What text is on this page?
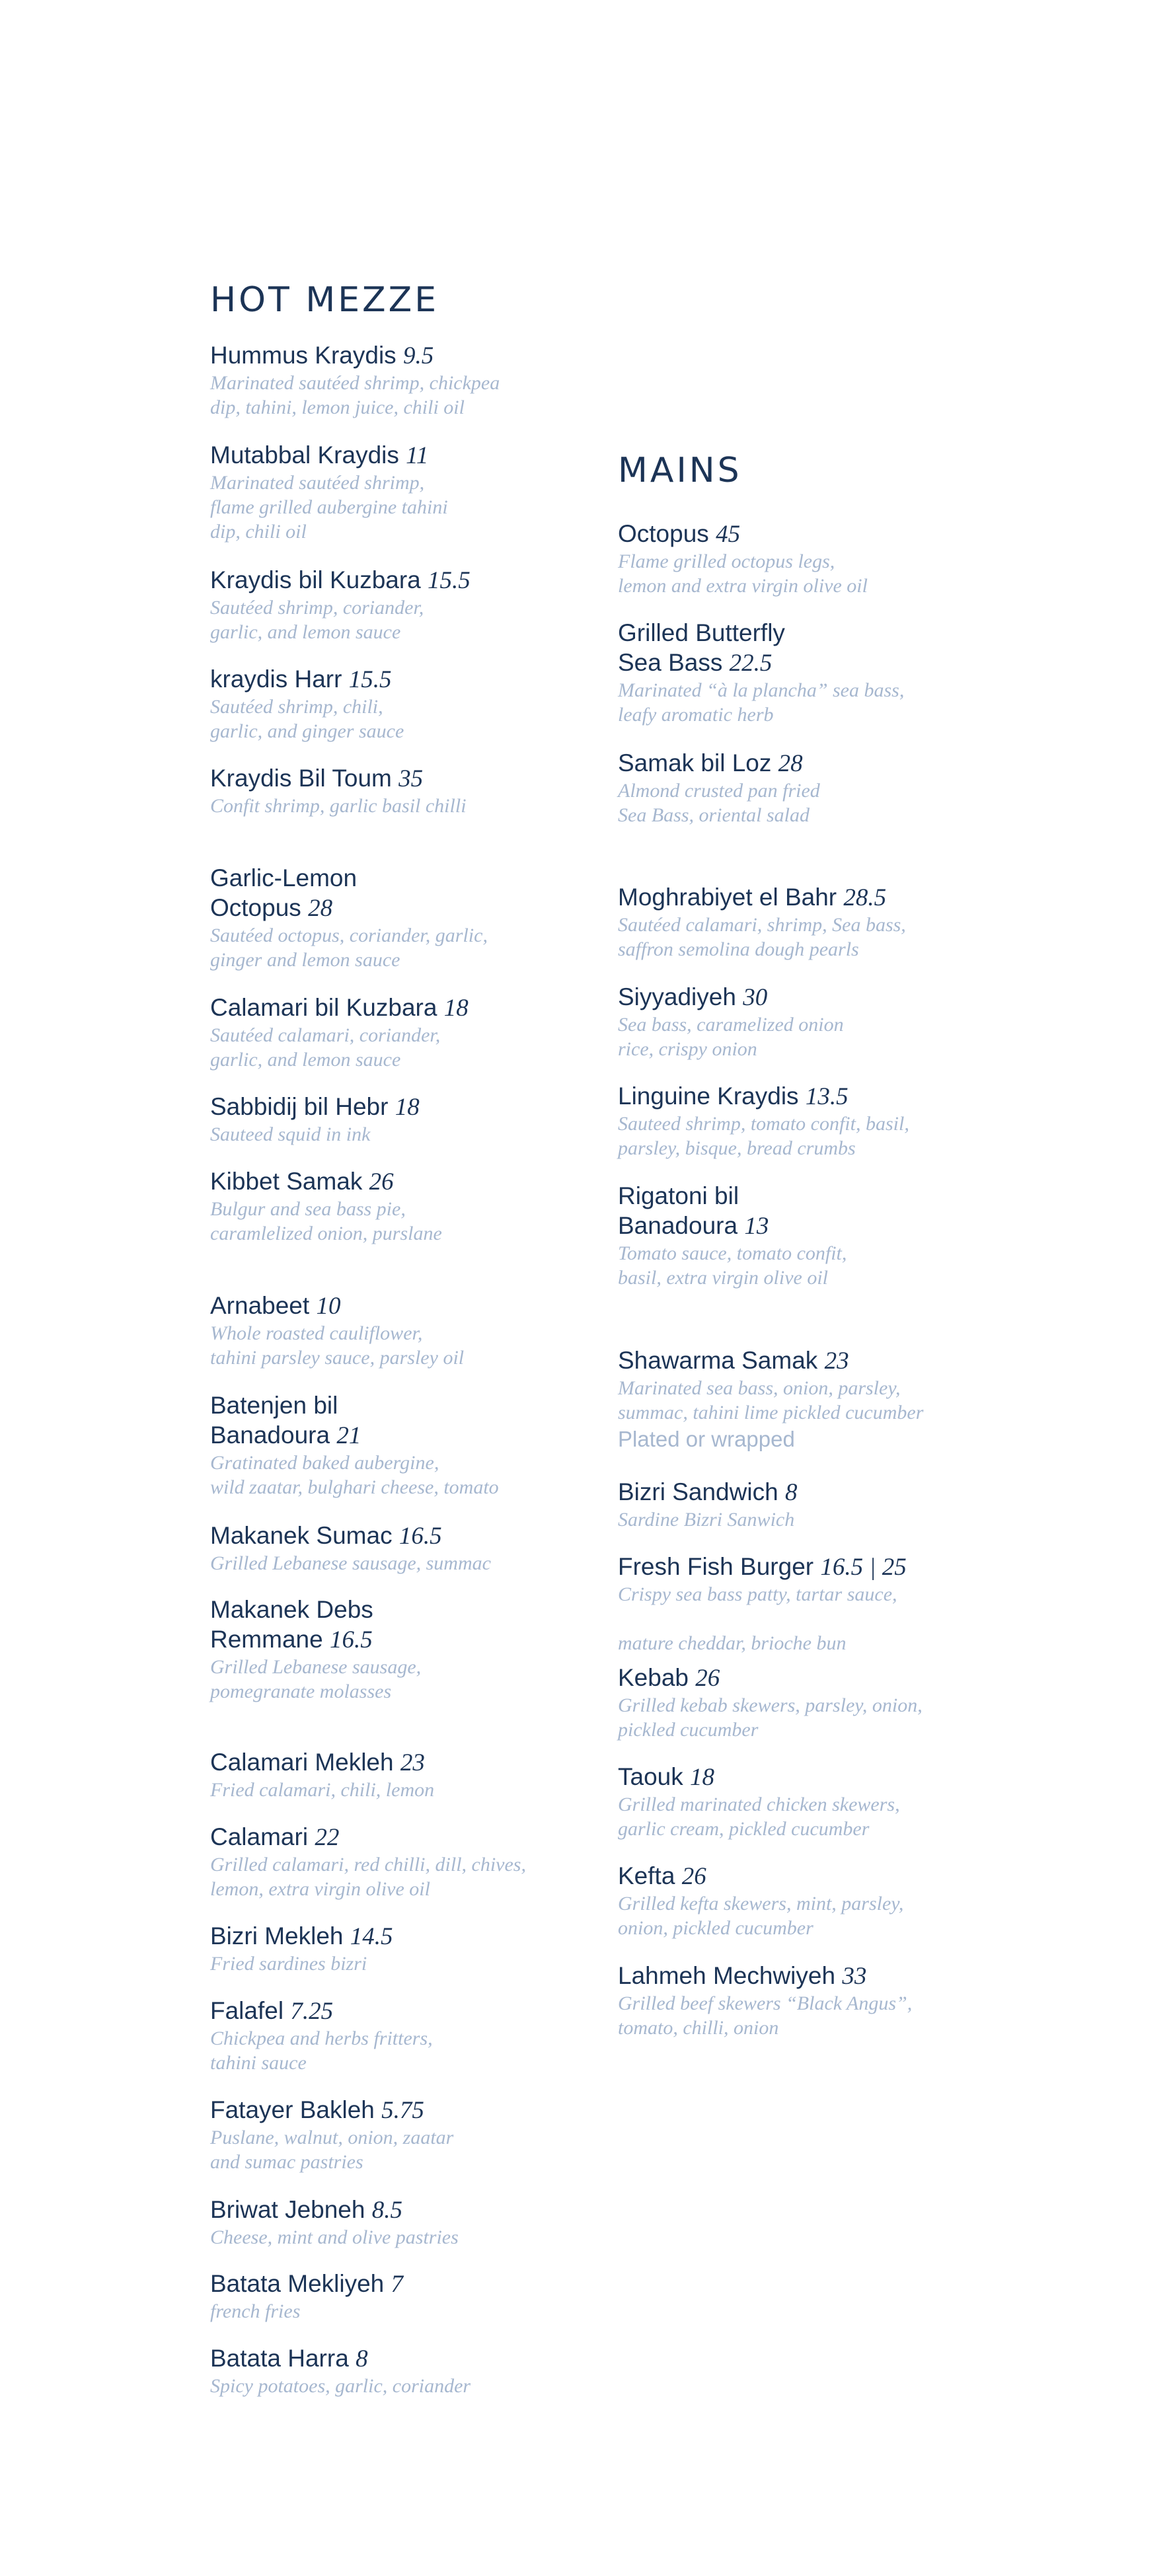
HOT MEZZE

Hummus Kraydis 9.5

Marinated sautéed shrimp, chickpea
dip, tahini, lemon juice, chili oil

Mutabbal Kraydis 11

Marinated sautéed shrimp,
flame grilled aubergine tahini
dip, chili oil

Kraydis bil Kuzbara 15.5

Sautéed shrimp, coriander,
garlic, and lemon sauce

kraydis Harr 15.5

Sautéed shrimp, chili,
garlic, and ginger sauce

Kraydis Bil Toum 35

Confit shrimp, garlic basil chilli

Garlic-Lemon
Octopus 28

Sautéed octopus, coriander, garlic,
ginger and lemon sauce

Calamari bil Kuzbara 18

Sautéed calamari, coriander,
garlic, and lemon sauce

Sabbidij bil Hebr 18

Sauteed squid in ink

Kibbet Samak 26

Bulgur and sea bass pie,
caramlelized onion, purslane

Arnabeet 10

Whole roasted cauliflower,
tahini parsley sauce, parsley oil

Batenjen bil
Banadoura 21

Gratinated baked aubergine,
wild zaatar, bulghari cheese, tomato

Makanek Sumac 16.5

Grilled Lebanese sausage, summac

Makanek Debs
Remmane 16.5

Grilled Lebanese sausage,
pomegranate molasses

Calamari Mekleh 23

Fried calamari, chili, lemon

Calamari 22

Grilled calamari, red chilli, dill, chives,
lemon, extra virgin olive oil

Bizri Mekleh 14.5

Fried sardines bizri

Falafel 7.25

Chickpea and herbs fritters,
tahini sauce

Fatayer Bakleh 5.75

Puslane, walnut, onion, zaatar
and sumac pastries

Briwat Jebneh 8.5

Cheese, mint and olive pastries

Batata Mekliyeh 7

french fries

Batata Harra 8

Spicy potatoes, garlic, coriander

MAINS

Octopus 45

Flame grilled octopus legs,
lemon and extra virgin olive oil

Grilled Butterfly
Sea Bass 22.5

Marinated “à la plancha” sea bass,
leafy aromatic herb

Samak bil Loz 28

Almond crusted pan fried
Sea Bass, oriental salad

Moghrabiyet el Bahr 28.5

Sautéed calamari, shrimp, Sea bass,
saffron semolina dough pearls

Siyyadiyeh 30

Sea bass, caramelized onion
rice, crispy onion

Linguine Kraydis 13.5

Sauteed shrimp, tomato confit, basil,
parsley, bisque, bread crumbs

Rigatoni bil
Banadoura 13

Tomato sauce, tomato confit,
basil, extra virgin olive oil

Shawarma Samak 23

Marinated sea bass, onion, parsley,
summac, tahini lime pickled cucumber

Plated or wrapped

Bizri Sandwich 8

Sardine Bizri Sanwich

Fresh Fish Burger 16.5 | 25

Crispy sea bass patty, tartar sauce,

mature cheddar, brioche bun

Kebab 26

Grilled kebab skewers, parsley, onion,
pickled cucumber

Taouk 18

Grilled marinated chicken skewers,
garlic cream, pickled cucumber

Kefta 26

Grilled kefta skewers, mint, parsley,
onion, pickled cucumber

Lahmeh Mechwiyeh 33

Grilled beef skewers “Black Angus”,
tomato, chilli, onion
